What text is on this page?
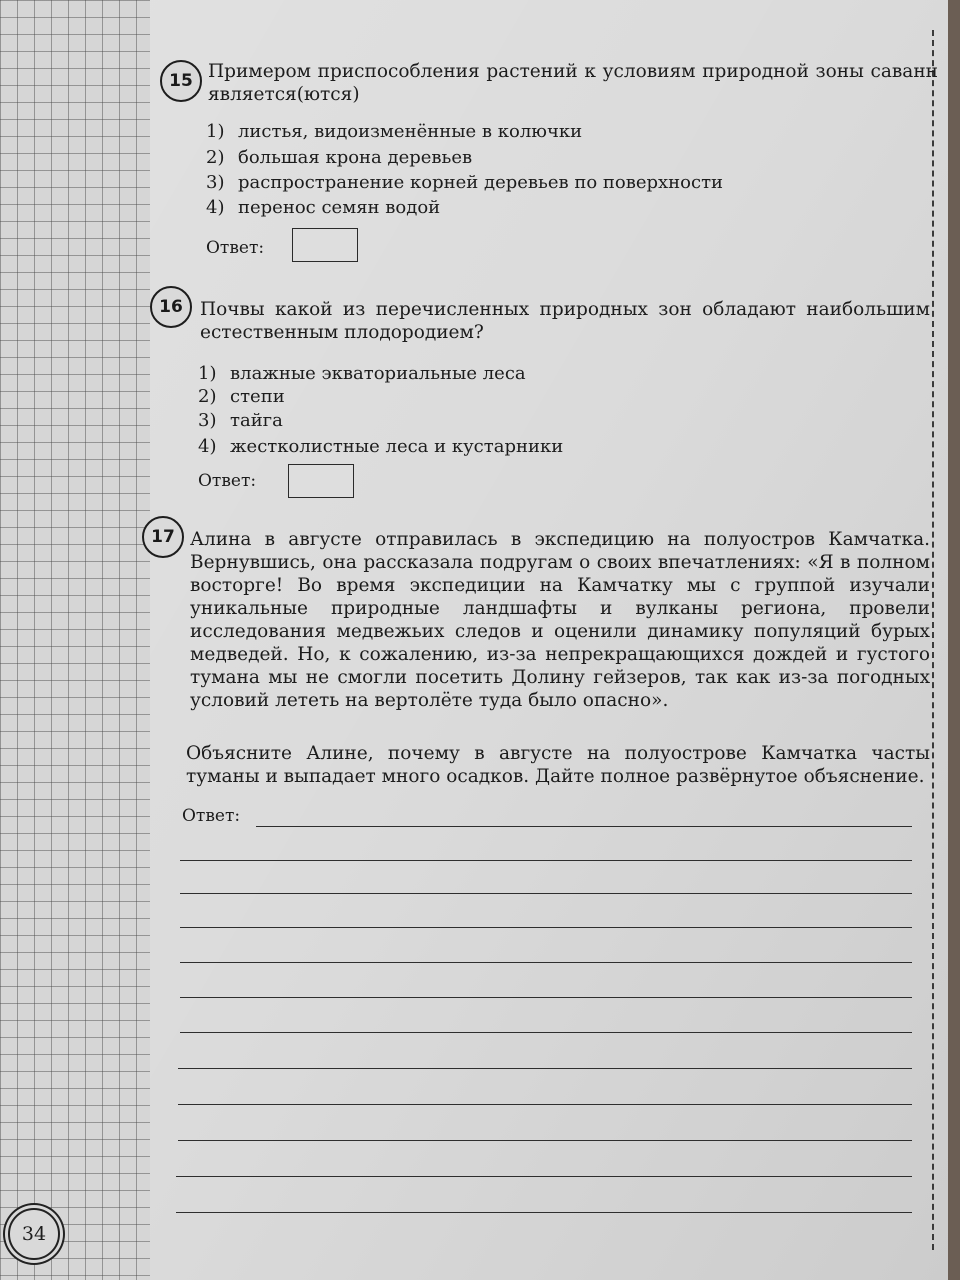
15 Примером приспособления растений к условиям природной зоны саванн является(ются)
1) листья, видоизменённые в колючки
2) большая крона деревьев
3) распространение корней деревьев по поверхности
4) перенос семян водой
Ответ:
16 Почвы какой из перечисленных природных зон обладают наибольшим естественным плодородием?
1) влажные экваториальные леса
2) степи
3) тайга
4) жестколистные леса и кустарники
Ответ:
17 Алина в августе отправилась в экспедицию на полуостров Камчатка. Вернувшись, она рассказала подругам о своих впечатлениях: «Я в полном восторге! Во время экспедиции на Камчатку мы с группой изучали уникальные природные ландшафты и вулканы региона, провели исследования медвежьих следов и оценили динамику популяций бурых медведей. Но, к сожалению, из-за непрекращающихся дождей и густого тумана мы не смогли посетить Долину гейзеров, так как из-за погодных условий лететь на вертолёте туда было опасно».
Объясните Алине, почему в августе на полуострове Камчатка часты туманы и выпадает много осадков. Дайте полное развёрнутое объяснение.
Ответ:
34
